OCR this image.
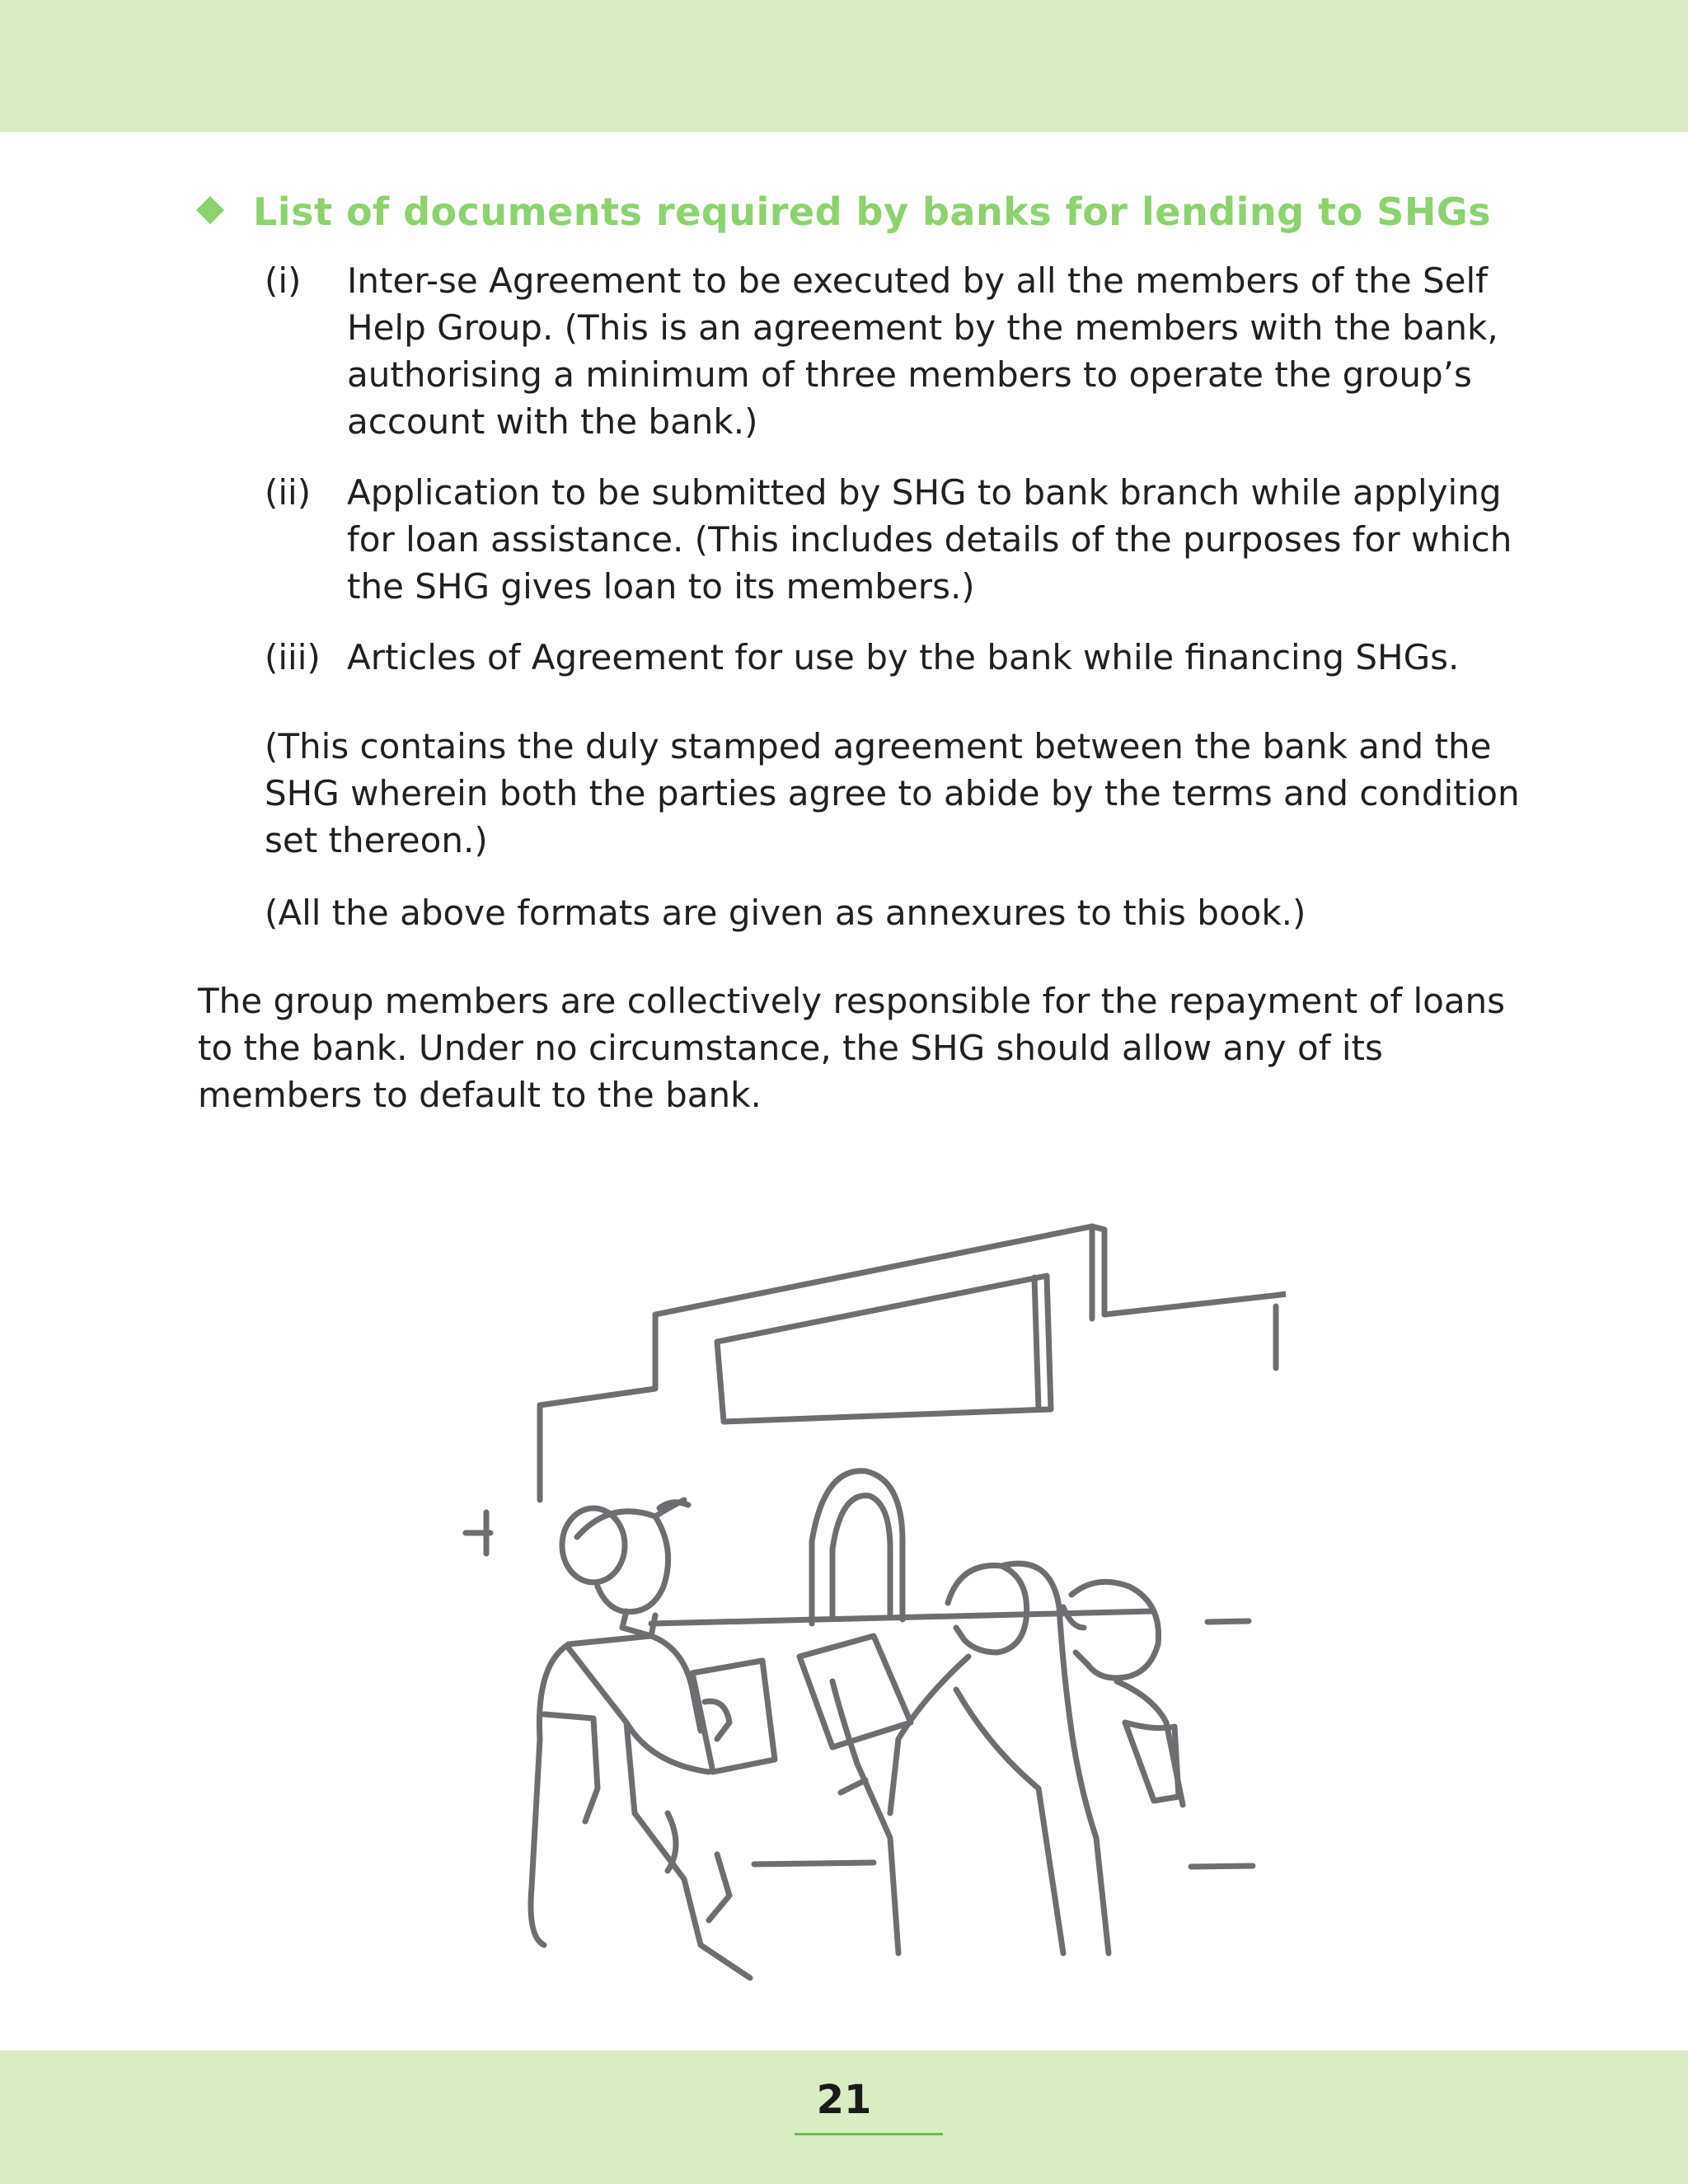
List of documents required by banks for lending to SHGs
(i) Inter-se Agreement to be executed by all the members of the Self Help Group. (This is an agreement by the members with the bank, authorising a minimum of three members to operate the group’s account with the bank.)
(ii) Application to be submitted by SHG to bank branch while applying for loan assistance. (This includes details of the purposes for which the SHG gives loan to its members.)
(iii) Articles of Agreement for use by the bank while financing SHGs.
(This contains the duly stamped agreement between the bank and the SHG wherein both the parties agree to abide by the terms and condition set thereon.)
(All the above formats are given as annexures to this book.)
The group members are collectively responsible for the repayment of loans to the bank. Under no circumstance, the SHG should allow any of its members to default to the bank.
21
